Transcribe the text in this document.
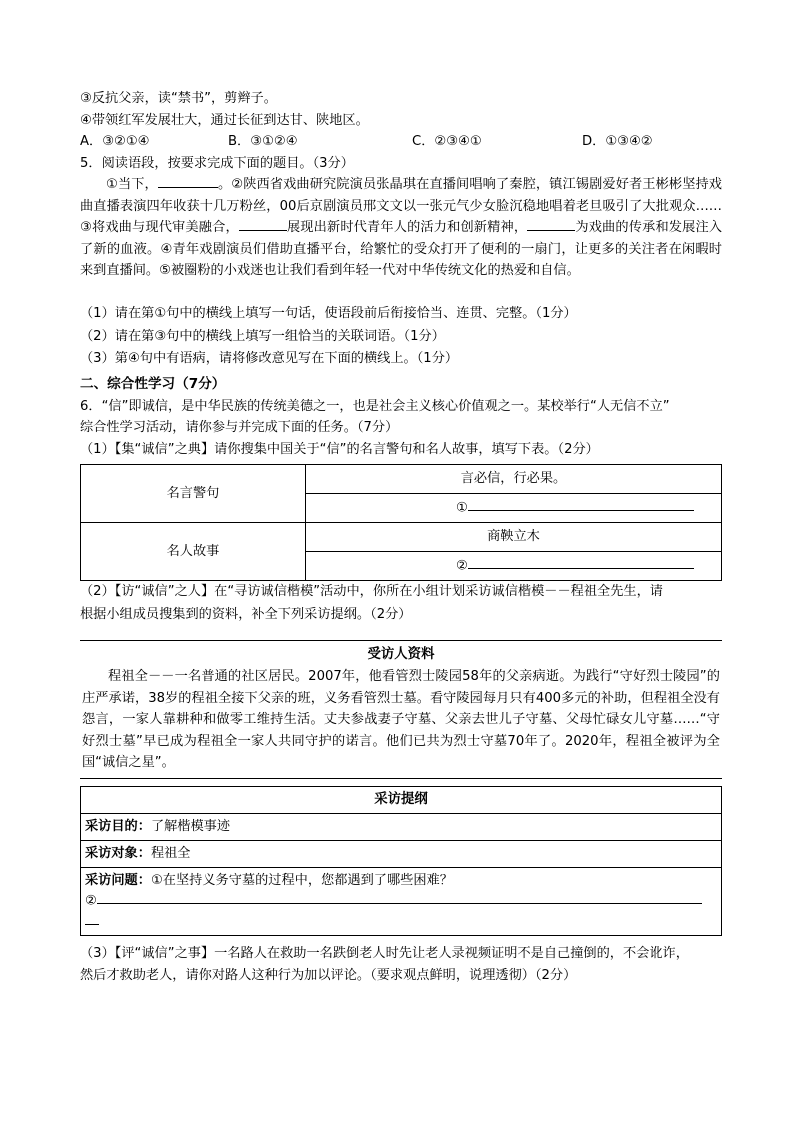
③反抗父亲，读“禁书”，剪辫子。

④带领红军发展壮大，通过长征到达甘、陕地区。

A．③②①④	B．③①②④	C．②③④①	D．①③④②

5．阅读语段，按要求完成下面的题目。（3分）

①当下，	。②陕西省戏曲研究院演员张晶琪在直播间唱响了秦腔，镇江锡剧爱好者王彬彬坚持戏曲直播表演四年收获十几万粉丝，00后京剧演员邢文文以一张元气少女脸沉稳地唱着老旦吸引了大批观众……③将戏曲与现代审美融合，	展现出新时代青年人的活力和创新精神，	为戏曲的传承和发展注入了新的血液。④青年戏剧演员们借助直播平台，给繁忙的受众打开了便利的一扇门，让更多的关注者在闲暇时来到直播间。⑤被圈粉的小戏迷也让我们看到年轻一代对中华传统文化的热爱和自信。

（1）请在第①句中的横线上填写一句话，使语段前后衔接恰当、连贯、完整。（1分）

（2）请在第③句中的横线上填写一组恰当的关联词语。（1分）

（3）第④句中有语病，请将修改意见写在下面的横线上。（1分）

二、综合性学习（7分）

6．“信”即诚信，是中华民族的传统美德之一，也是社会主义核心价值观之一。某校举行“人无信不立”

综合性学习活动，请你参与并完成下面的任务。（7分）

（1）【集“诚信”之典】请你搜集中国关于“信”的名言警句和名人故事，填写下表。（2分）

名言警句	言必信，行必果。
	①
名人故事	商鞅立木
	②

（2）【访“诚信”之人】在“寻访诚信楷模”活动中，你所在小组计划采访诚信楷模－－程祖全先生，请

根据小组成员搜集到的资料，补全下列采访提纲。（2分）

受访人资料

程祖全－－一名普通的社区居民。2007年，他看管烈士陵园58年的父亲病逝。为践行“守好烈士陵园”的庄严承诺，38岁的程祖全接下父亲的班，义务看管烈士墓。看守陵园每月只有400多元的补助，但程祖全没有怨言，一家人靠耕种和做零工维持生活。丈夫参战妻子守墓、父亲去世儿子守墓、父母忙碌女儿守墓……“守好烈士墓”早已成为程祖全一家人共同守护的诺言。他们已共为烈士守墓70年了。2020年，程祖全被评为全国“诚信之星”。

采访提纲
采访目的：了解楷模事迹
采访对象：程祖全
采访问题：①在坚持义务守墓的过程中，您都遇到了哪些困难？
②

（3）【评“诚信”之事】一名路人在救助一名跌倒老人时先让老人录视频证明不是自己撞倒的，不会讹诈，

然后才救助老人，请你对路人这种行为加以评论。（要求观点鲜明，说理透彻）（2分）
